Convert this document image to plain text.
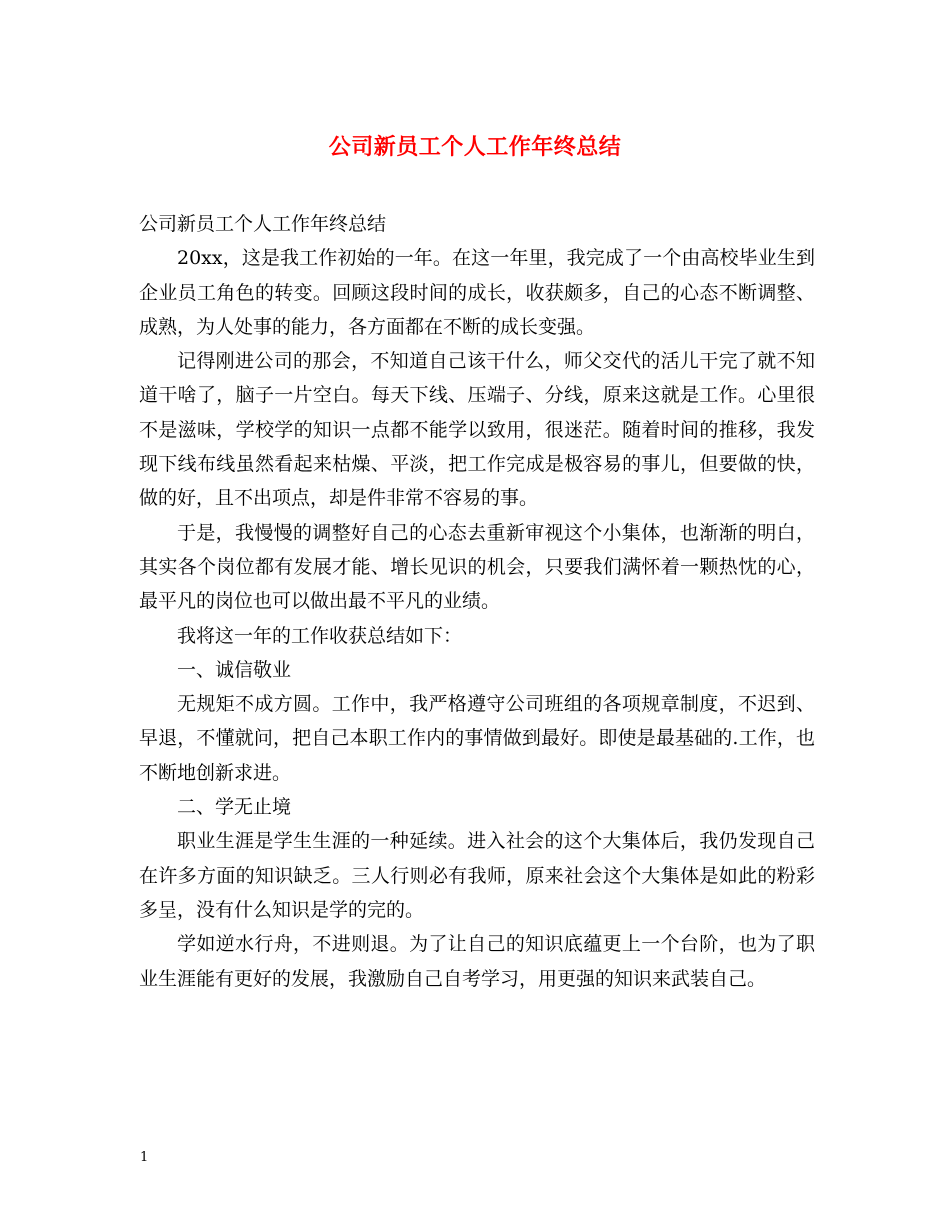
公司新员工个人工作年终总结

公司新员工个人工作年终总结

20xx，这是我工作初始的一年。在这一年里，我完成了一个由高校毕业生到企业员工角色的转变。回顾这段时间的成长，收获颇多，自己的心态不断调整、成熟，为人处事的能力，各方面都在不断的成长变强。

记得刚进公司的那会，不知道自己该干什么，师父交代的活儿干完了就不知道干啥了，脑子一片空白。每天下线、压端子、分线，原来这就是工作。心里很不是滋味，学校学的知识一点都不能学以致用，很迷茫。随着时间的推移，我发现下线布线虽然看起来枯燥、平淡，把工作完成是极容易的事儿，但要做的快，做的好，且不出项点，却是件非常不容易的事。

于是，我慢慢的调整好自己的心态去重新审视这个小集体，也渐渐的明白，其实各个岗位都有发展才能、增长见识的机会，只要我们满怀着一颗热忱的心，最平凡的岗位也可以做出最不平凡的业绩。

我将这一年的工作收获总结如下：

一、诚信敬业

无规矩不成方圆。工作中，我严格遵守公司班组的各项规章制度，不迟到、早退，不懂就问，把自己本职工作内的事情做到最好。即使是最基础的.工作，也不断地创新求进。

二、学无止境

职业生涯是学生生涯的一种延续。进入社会的这个大集体后，我仍发现自己在许多方面的知识缺乏。三人行则必有我师，原来社会这个大集体是如此的粉彩多呈，没有什么知识是学的完的。

学如逆水行舟，不进则退。为了让自己的知识底蕴更上一个台阶，也为了职业生涯能有更好的发展，我激励自己自考学习，用更强的知识来武装自己。

1
